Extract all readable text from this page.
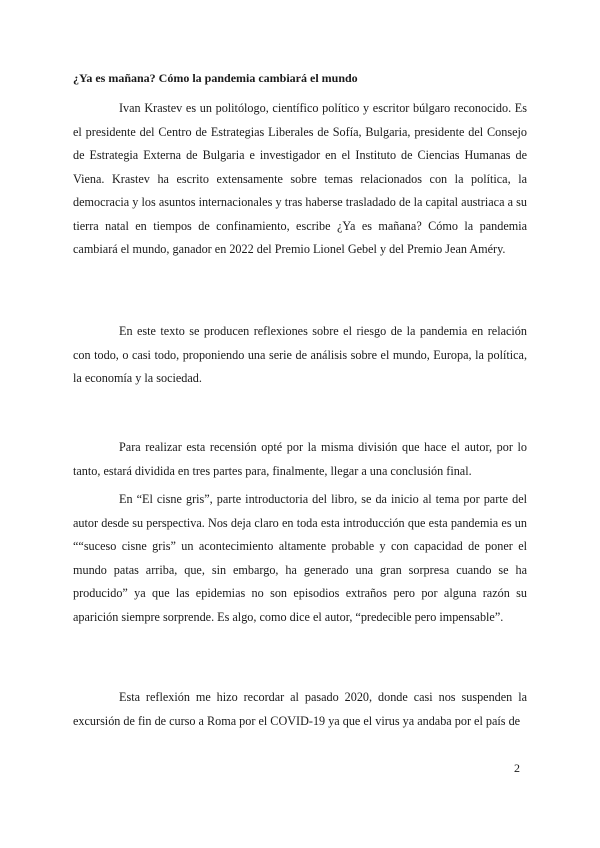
¿Ya es mañana? Cómo la pandemia cambiará el mundo

Ivan Krastev es un politólogo, científico político y escritor búlgaro reconocido. Es el presidente del Centro de Estrategias Liberales de Sofía, Bulgaria, presidente del Consejo de Estrategia Externa de Bulgaria e investigador en el Instituto de Ciencias Humanas de Viena. Krastev ha escrito extensamente sobre temas relacionados con la política, la democracia y los asuntos internacionales y tras haberse trasladado de la capital austriaca a su tierra natal en tiempos de confinamiento, escribe ¿Ya es mañana? Cómo la pandemia cambiará el mundo, ganador en 2022 del Premio Lionel Gebel y del Premio Jean Améry.

En este texto se producen reflexiones sobre el riesgo de la pandemia en relación con todo, o casi todo, proponiendo una serie de análisis sobre el mundo, Europa, la política, la economía y la sociedad.

Para realizar esta recensión opté por la misma división que hace el autor, por lo tanto, estará dividida en tres partes para, finalmente, llegar a una conclusión final.

En “El cisne gris”, parte introductoria del libro, se da inicio al tema por parte del autor desde su perspectiva. Nos deja claro en toda esta introducción que esta pandemia es un ““suceso cisne gris” un acontecimiento altamente probable y con capacidad de poner el mundo patas arriba, que, sin embargo, ha generado una gran sorpresa cuando se ha producido” ya que las epidemias no son episodios extraños pero por alguna razón su aparición siempre sorprende. Es algo, como dice el autor, “predecible pero impensable”.

Esta reflexión me hizo recordar al pasado 2020, donde casi nos suspenden la excursión de fin de curso a Roma por el COVID-19 ya que el virus ya andaba por el país de

2
